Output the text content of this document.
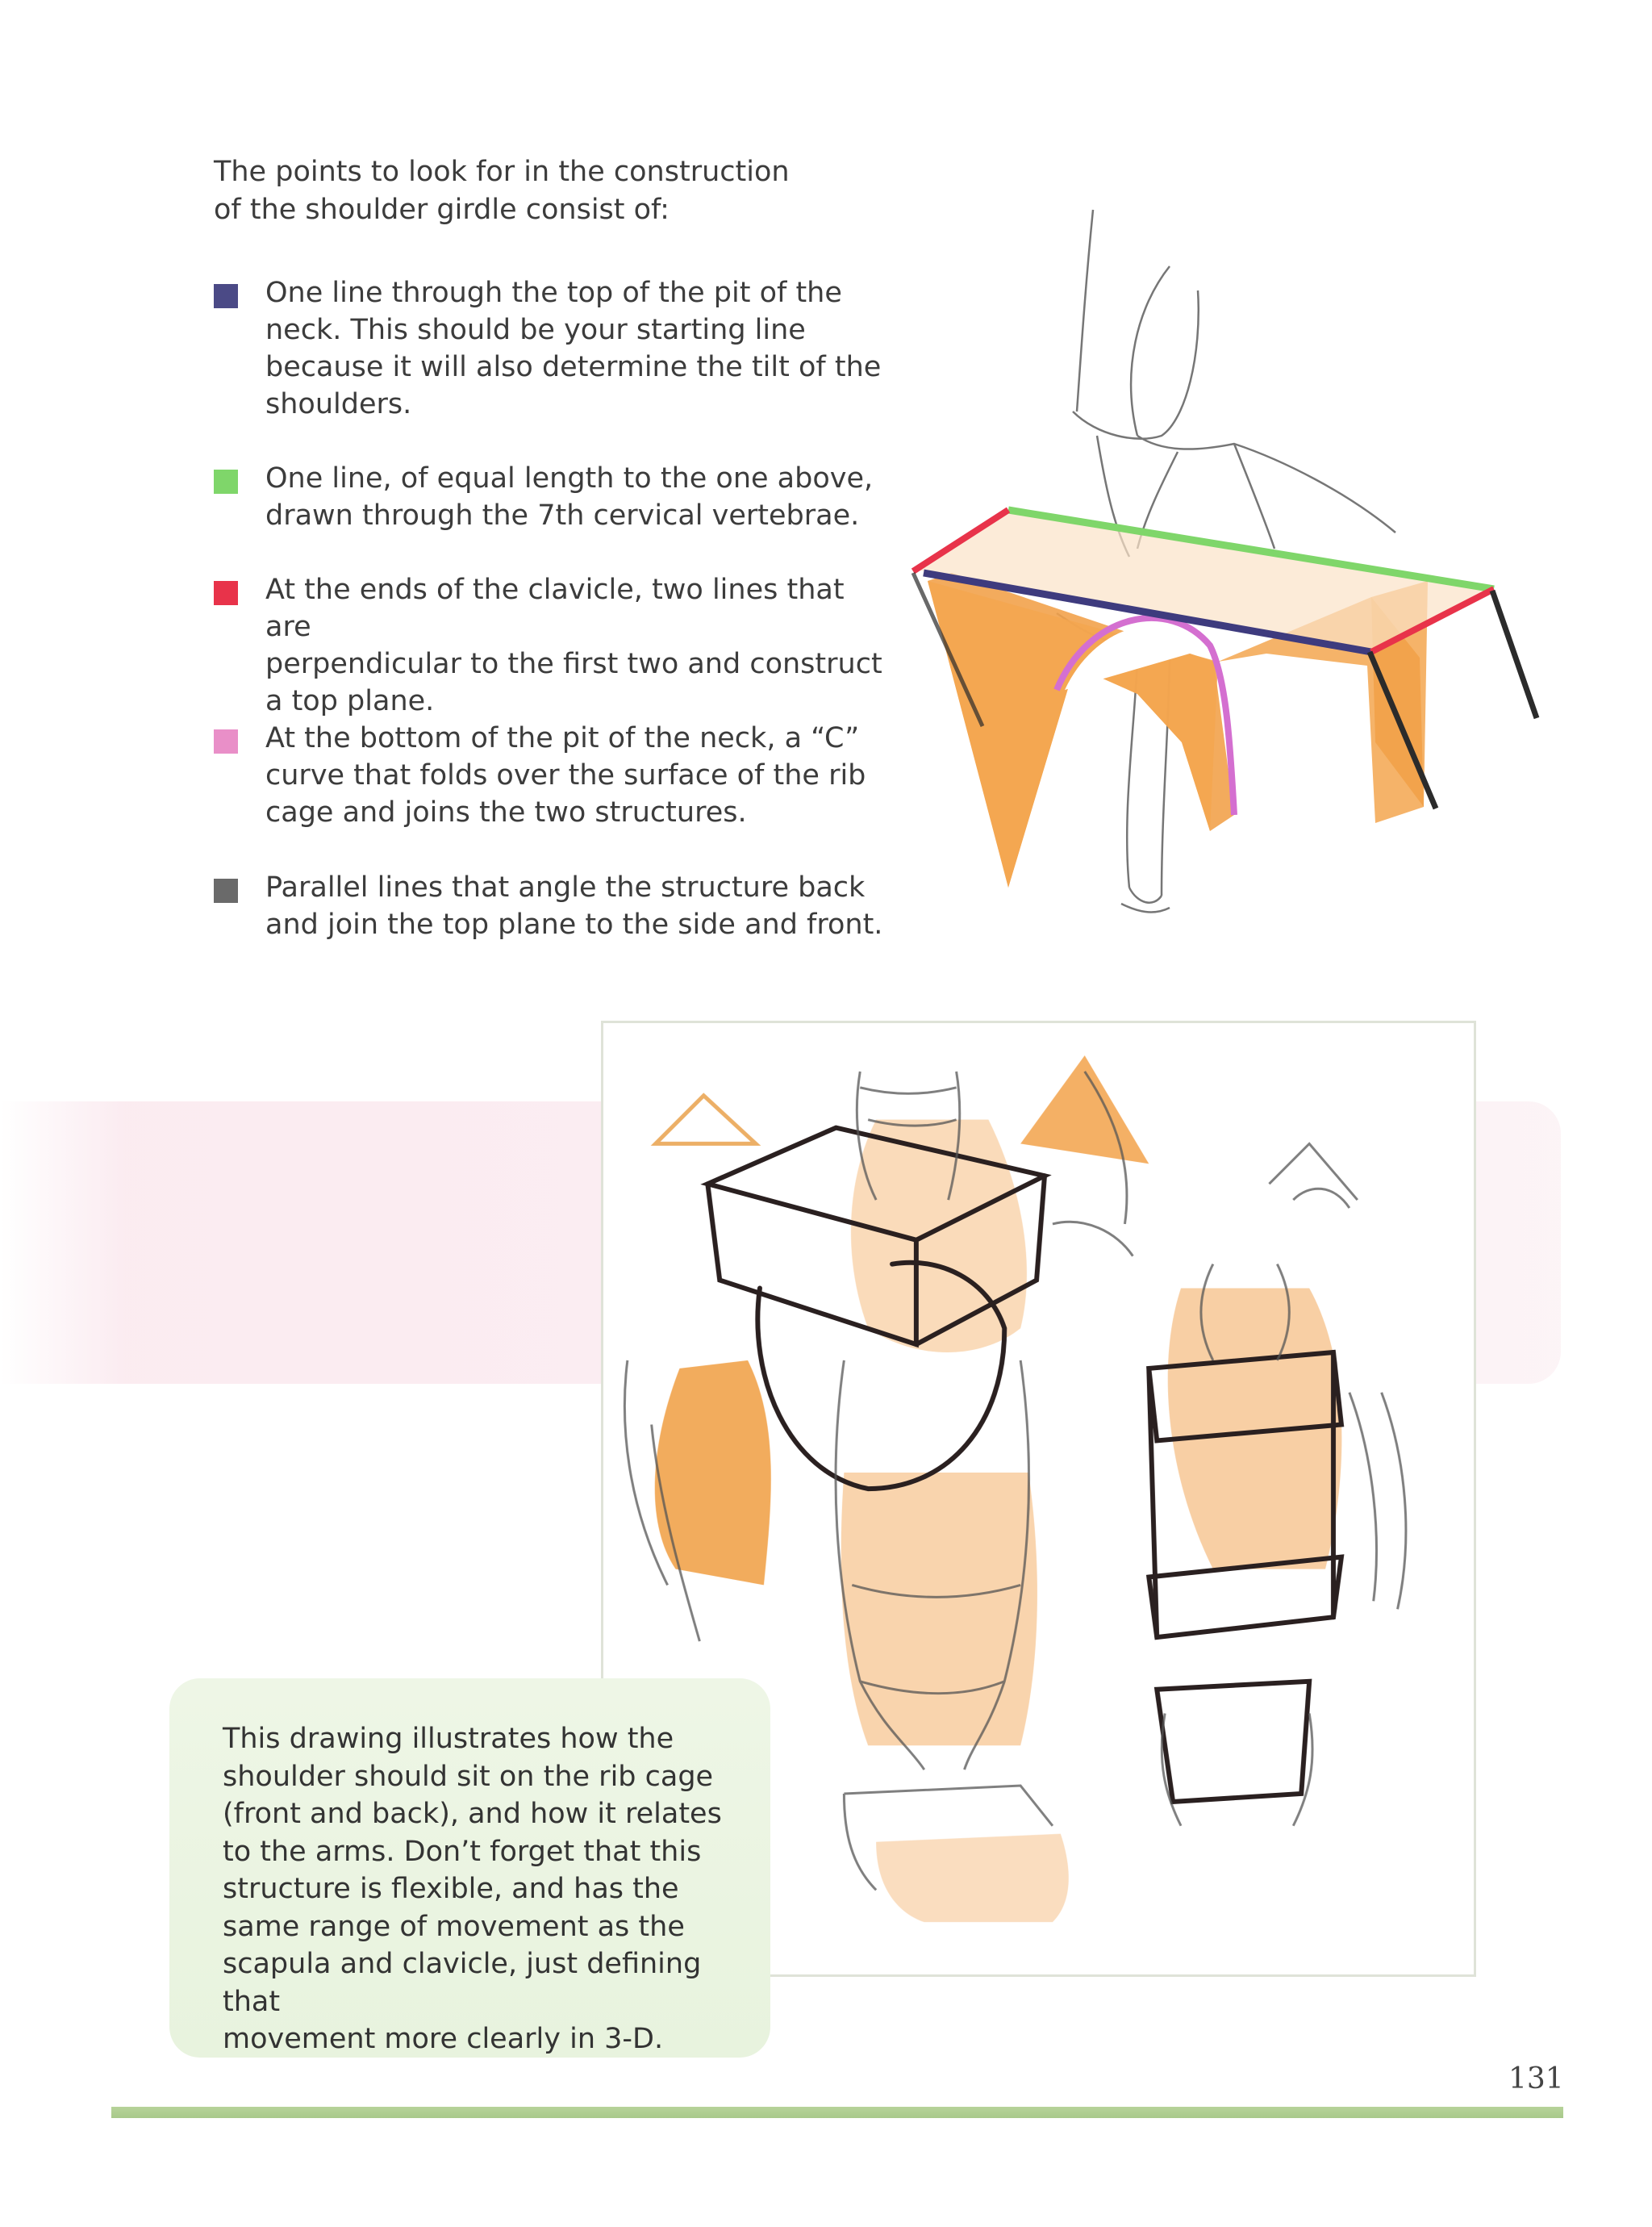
The points to look for in the construction
of the shoulder girdle consist of:
One line through the top of the pit of the
neck. This should be your starting line
because it will also determine the tilt of the
shoulders.
One line, of equal length to the one above,
drawn through the 7th cervical vertebrae.
At the ends of the clavicle, two lines that are
perpendicular to the first two and construct
a top plane.
At the bottom of the pit of the neck, a “C”
curve that folds over the surface of the rib
cage and joins the two structures.
Parallel lines that angle the structure back
and join the top plane to the side and front.
This drawing illustrates how the
shoulder should sit on the rib cage
(front and back), and how it relates
to the arms. Don’t forget that this
structure is flexible, and has the
same range of movement as the
scapula and clavicle, just defining that
movement more clearly in 3-D.
131
